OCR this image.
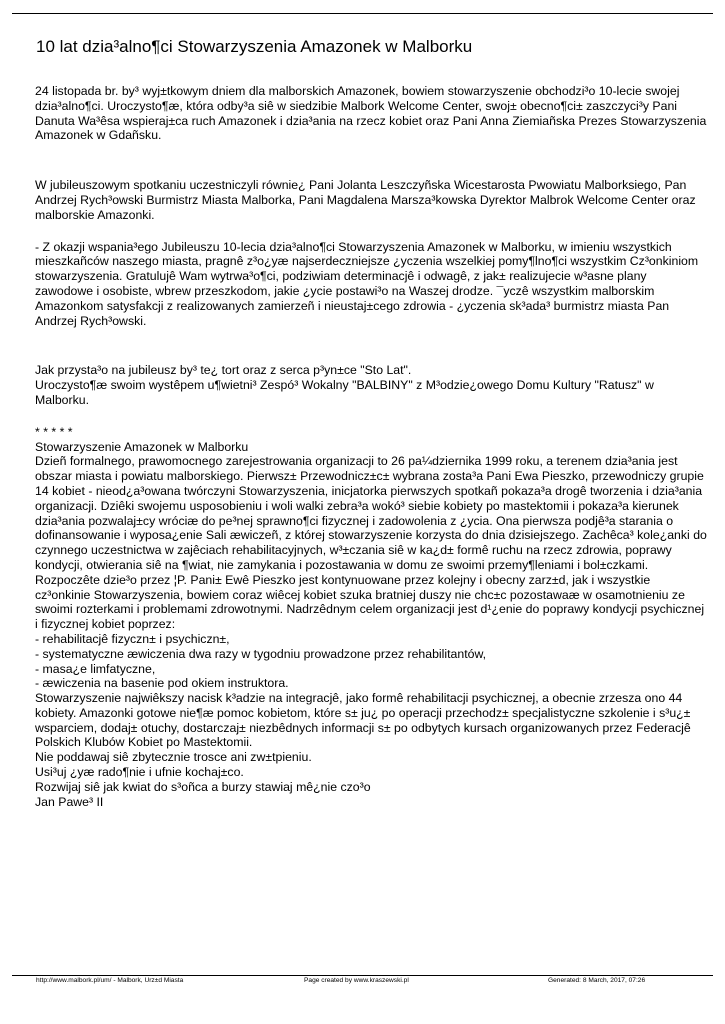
10 lat dzia³alno¶ci Stowarzyszenia Amazonek w Malborku

24 listopada br. by³ wyj±tkowym dniem dla malborskich Amazonek, bowiem stowarzyszenie obchodzi³o 10-lecie swojej dzia³alno¶ci. Uroczysto¶æ, która odby³a siê w siedzibie Malbork Welcome Center, swoj± obecno¶ci± zaszczyci³y Pani Danuta Wa³êsa wspieraj±ca ruch Amazonek i dzia³ania na rzecz kobiet oraz Pani Anna Ziemiañska Prezes Stowarzyszenia Amazonek w Gdañsku.

W jubileuszowym spotkaniu uczestniczyli równie¿ Pani Jolanta Leszczyñska Wicestarosta Pwowiatu Malborksiego, Pan Andrzej Rych³owski Burmistrz Miasta Malborka, Pani Magdalena Marsza³kowska Dyrektor Malbrok Welcome Center oraz malborskie Amazonki.

- Z okazji wspania³ego Jubileuszu 10-lecia dzia³alno¶ci Stowarzyszenia Amazonek w Malborku, w imieniu wszystkich mieszkañców naszego miasta, pragnê z³o¿yæ najserdeczniejsze ¿yczenia wszelkiej pomy¶lno¶ci wszystkim Cz³onkiniom stowarzyszenia. Gratulujê Wam wytrwa³o¶ci, podziwiam determinacjê i odwagê, z jak± realizujecie w³asne plany zawodowe i osobiste, wbrew przeszkodom, jakie ¿ycie postawi³o na Waszej drodze. ¯yczê wszystkim malborskim Amazonkom satysfakcji z realizowanych zamierzeñ i nieustaj±cego zdrowia - ¿yczenia sk³ada³ burmistrz miasta Pan Andrzej Rych³owski.

Jak przysta³o na jubileusz by³ te¿ tort oraz z serca p³yn±ce "Sto Lat".

Uroczysto¶æ swoim wystêpem u¶wietni³ Zespó³ Wokalny "BALBINY" z M³odzie¿owego Domu Kultury "Ratusz" w Malborku.

* * * * *

Stowarzyszenie Amazonek w Malborku

Dzieñ formalnego, prawomocnego zarejestrowania organizacji to 26 pa¼dziernika 1999 roku, a terenem dzia³ania jest obszar miasta i powiatu malborskiego. Pierwsz± Przewodnicz±c± wybrana zosta³a Pani Ewa Pieszko, przewodniczy grupie 14 kobiet - nieod¿a³owana twórczyni Stowarzyszenia, inicjatorka pierwszych spotkañ pokaza³a drogê tworzenia i dzia³ania organizacji. Dziêki swojemu usposobieniu i woli walki zebra³a wokó³ siebie kobiety po mastektomii i pokaza³a kierunek dzia³ania pozwalaj±cy wróciæ do pe³nej sprawno¶ci fizycznej i zadowolenia z ¿ycia. Ona pierwsza podjê³a starania o dofinansowanie i wyposa¿enie Sali æwiczeñ, z której stowarzyszenie korzysta do dnia dzisiejszego. Zachêca³ kole¿anki do czynnego uczestnictwa w zajêciach rehabilitacyjnych, w³±czania siê w ka¿d± formê ruchu na rzecz zdrowia, poprawy kondycji, otwierania siê na ¶wiat, nie zamykania i pozostawania w domu ze swoimi przemy¶leniami i bol±czkami. Rozpoczête dzie³o przez ¦P. Pani± Ewê Pieszko jest kontynuowane przez kolejny i obecny zarz±d, jak i wszystkie cz³onkinie Stowarzyszenia, bowiem coraz wiêcej kobiet szuka bratniej duszy nie chc±c pozostawaæ w osamotnieniu ze swoimi rozterkami i problemami zdrowotnymi. Nadrzêdnym celem organizacji jest d¹¿enie do poprawy kondycji psychicznej i fizycznej kobiet poprzez:

- rehabilitacjê fizyczn± i psychiczn±,

- systematyczne æwiczenia dwa razy w tygodniu prowadzone przez rehabilitantów,

- masa¿e limfatyczne,

- æwiczenia na basenie pod okiem instruktora.

Stowarzyszenie najwiêkszy nacisk k³adzie na integracjê, jako formê rehabilitacji psychicznej, a obecnie zrzesza ono 44 kobiety. Amazonki gotowe nie¶æ pomoc kobietom, które s± ju¿ po operacji przechodz± specjalistyczne szkolenie i s³u¿± wsparciem, dodaj± otuchy, dostarczaj± niezbêdnych informacji s± po odbytych kursach organizowanych przez Federacjê Polskich Klubów Kobiet po Mastektomii.

Nie poddawaj siê zbytecznie trosce ani zw±tpieniu.

Usi³uj ¿yæ rado¶nie i ufnie kochaj±co.

Rozwijaj siê jak kwiat do s³oñca a burzy stawiaj mê¿nie czo³o

Jan Pawe³ II

http://www.malbork.pl/um/ - Malbork, Urz±d Miasta	Page created by www.kraszewski.pl	Generated: 8 March, 2017, 07:26
